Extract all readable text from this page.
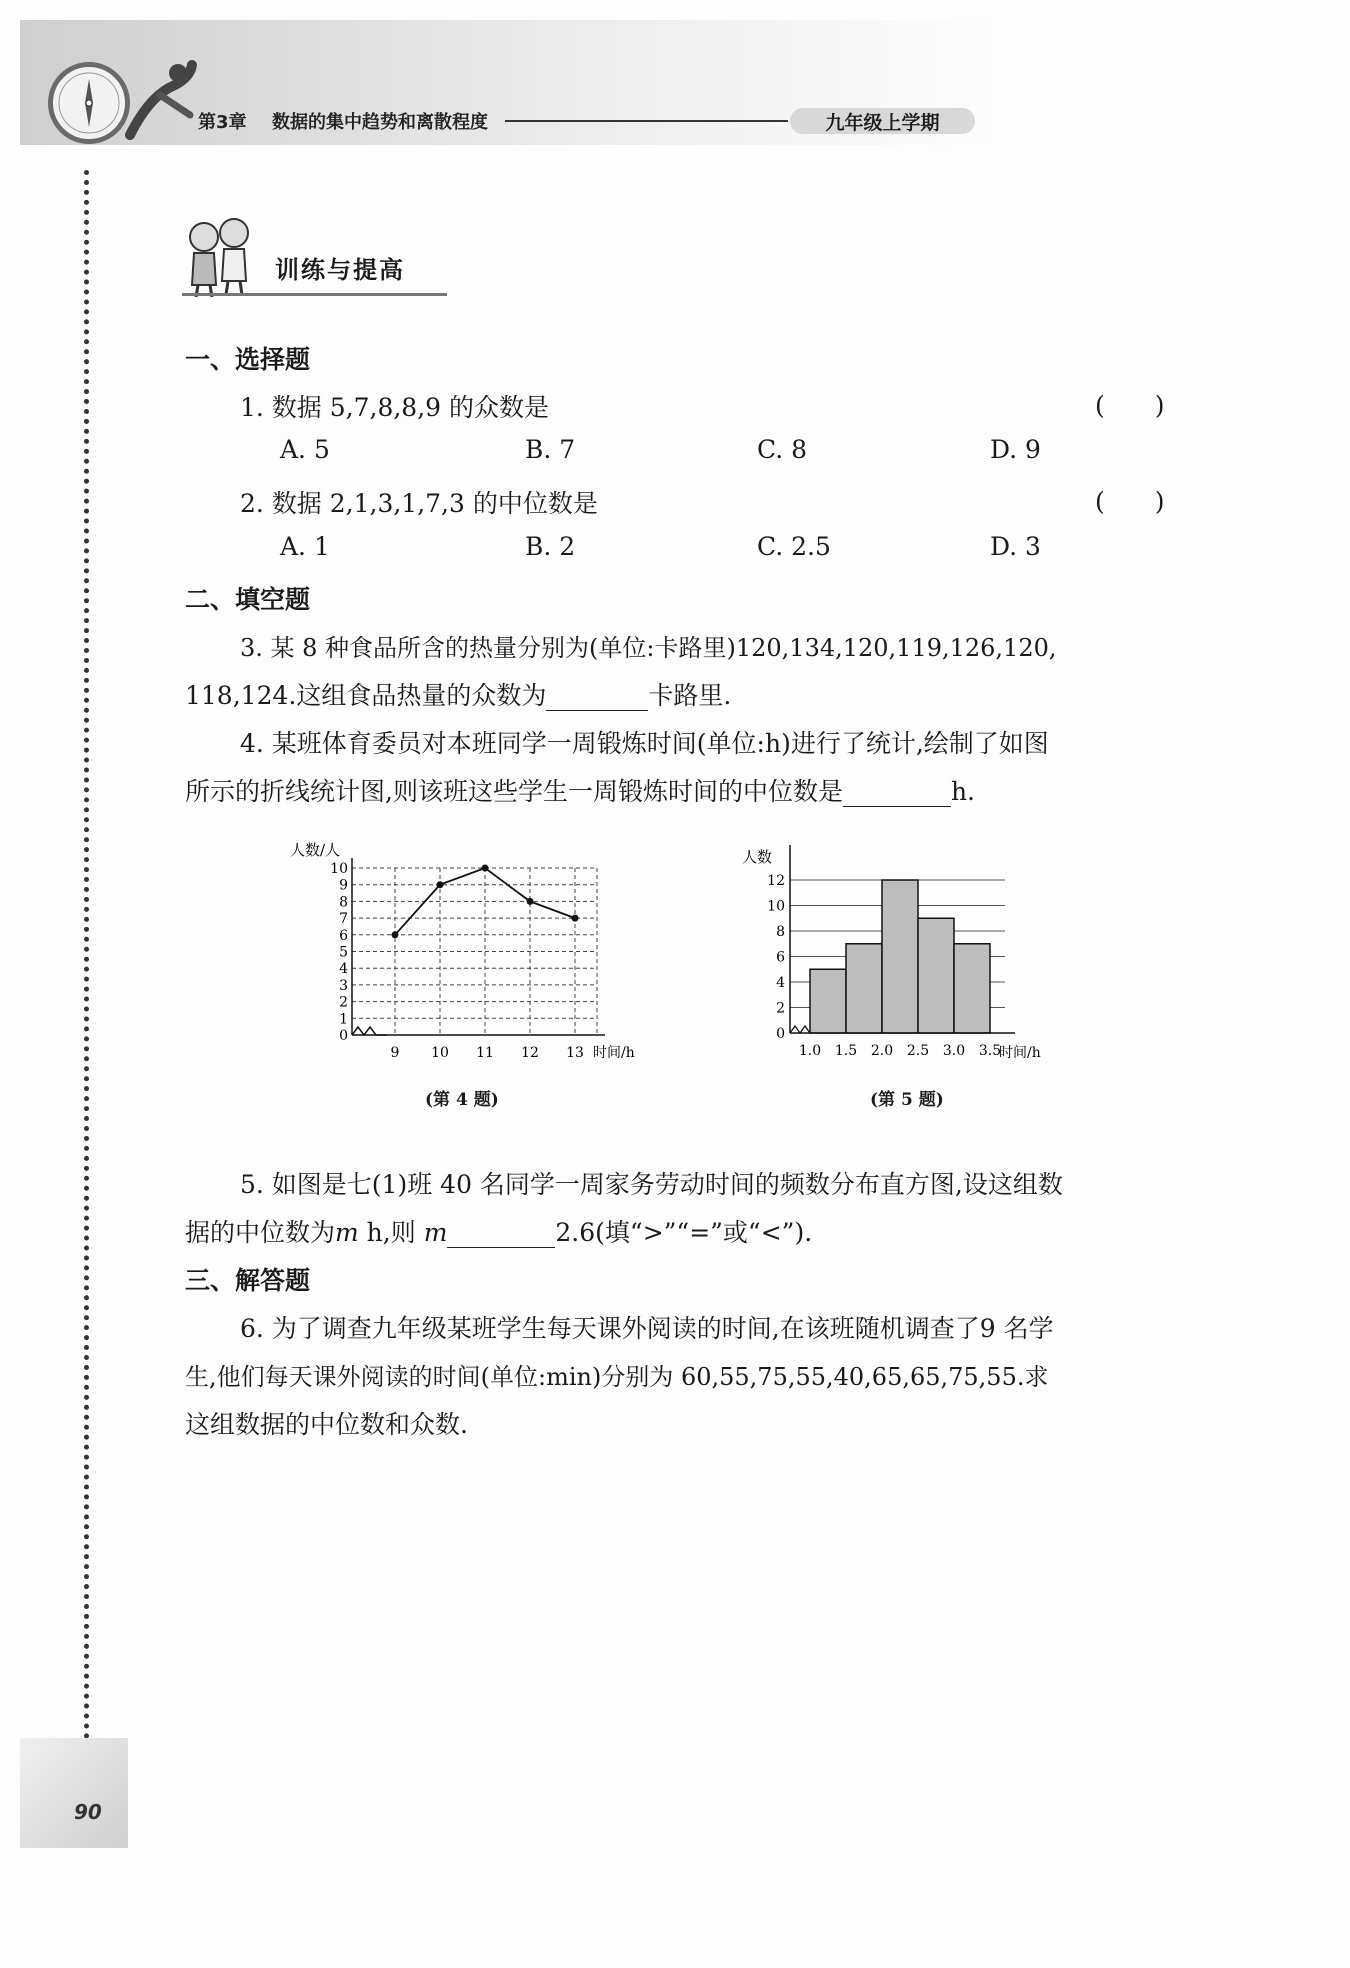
第3章 数据的集中趋势和离散程度	九年级上学期
90
训练与提高
一、选择题
1. 数据 5,7,8,8,9 的众数是	(　　)
A. 5	B. 7	C. 8	D. 9
2. 数据 2,1,3,1,7,3 的中位数是	(　　)
A. 1	B. 2	C. 2.5	D. 3
二、填空题
3. 某 8 种食品所含的热量分别为(单位:卡路里)120,134,120,119,126,120,
118,124.这组食品热量的众数为	卡路里.
4. 某班体育委员对本班同学一周锻炼时间(单位:h)进行了统计,绘制了如图
所示的折线统计图,则该班这些学生一周锻炼时间的中位数是	h.
0
1
2
3
4
5
6
7
8
9
10
9 10 11 12 13
人数/人
时间/h
(第 4 题)
0
2
4
6
8
10
12
1.0 1.5 2.0 2.5 3.0 3.5
人数
时间/h
(第 5 题)
5. 如图是七(1)班 40 名同学一周家务劳动时间的频数分布直方图,设这组数
据的中位数为m h,则 m	2.6(填“>”“=”或“<”).
三、解答题
6. 为了调查九年级某班学生每天课外阅读的时间,在该班随机调查了9 名学
生,他们每天课外阅读的时间(单位:min)分别为 60,55,75,55,40,65,65,75,55.求
这组数据的中位数和众数.
